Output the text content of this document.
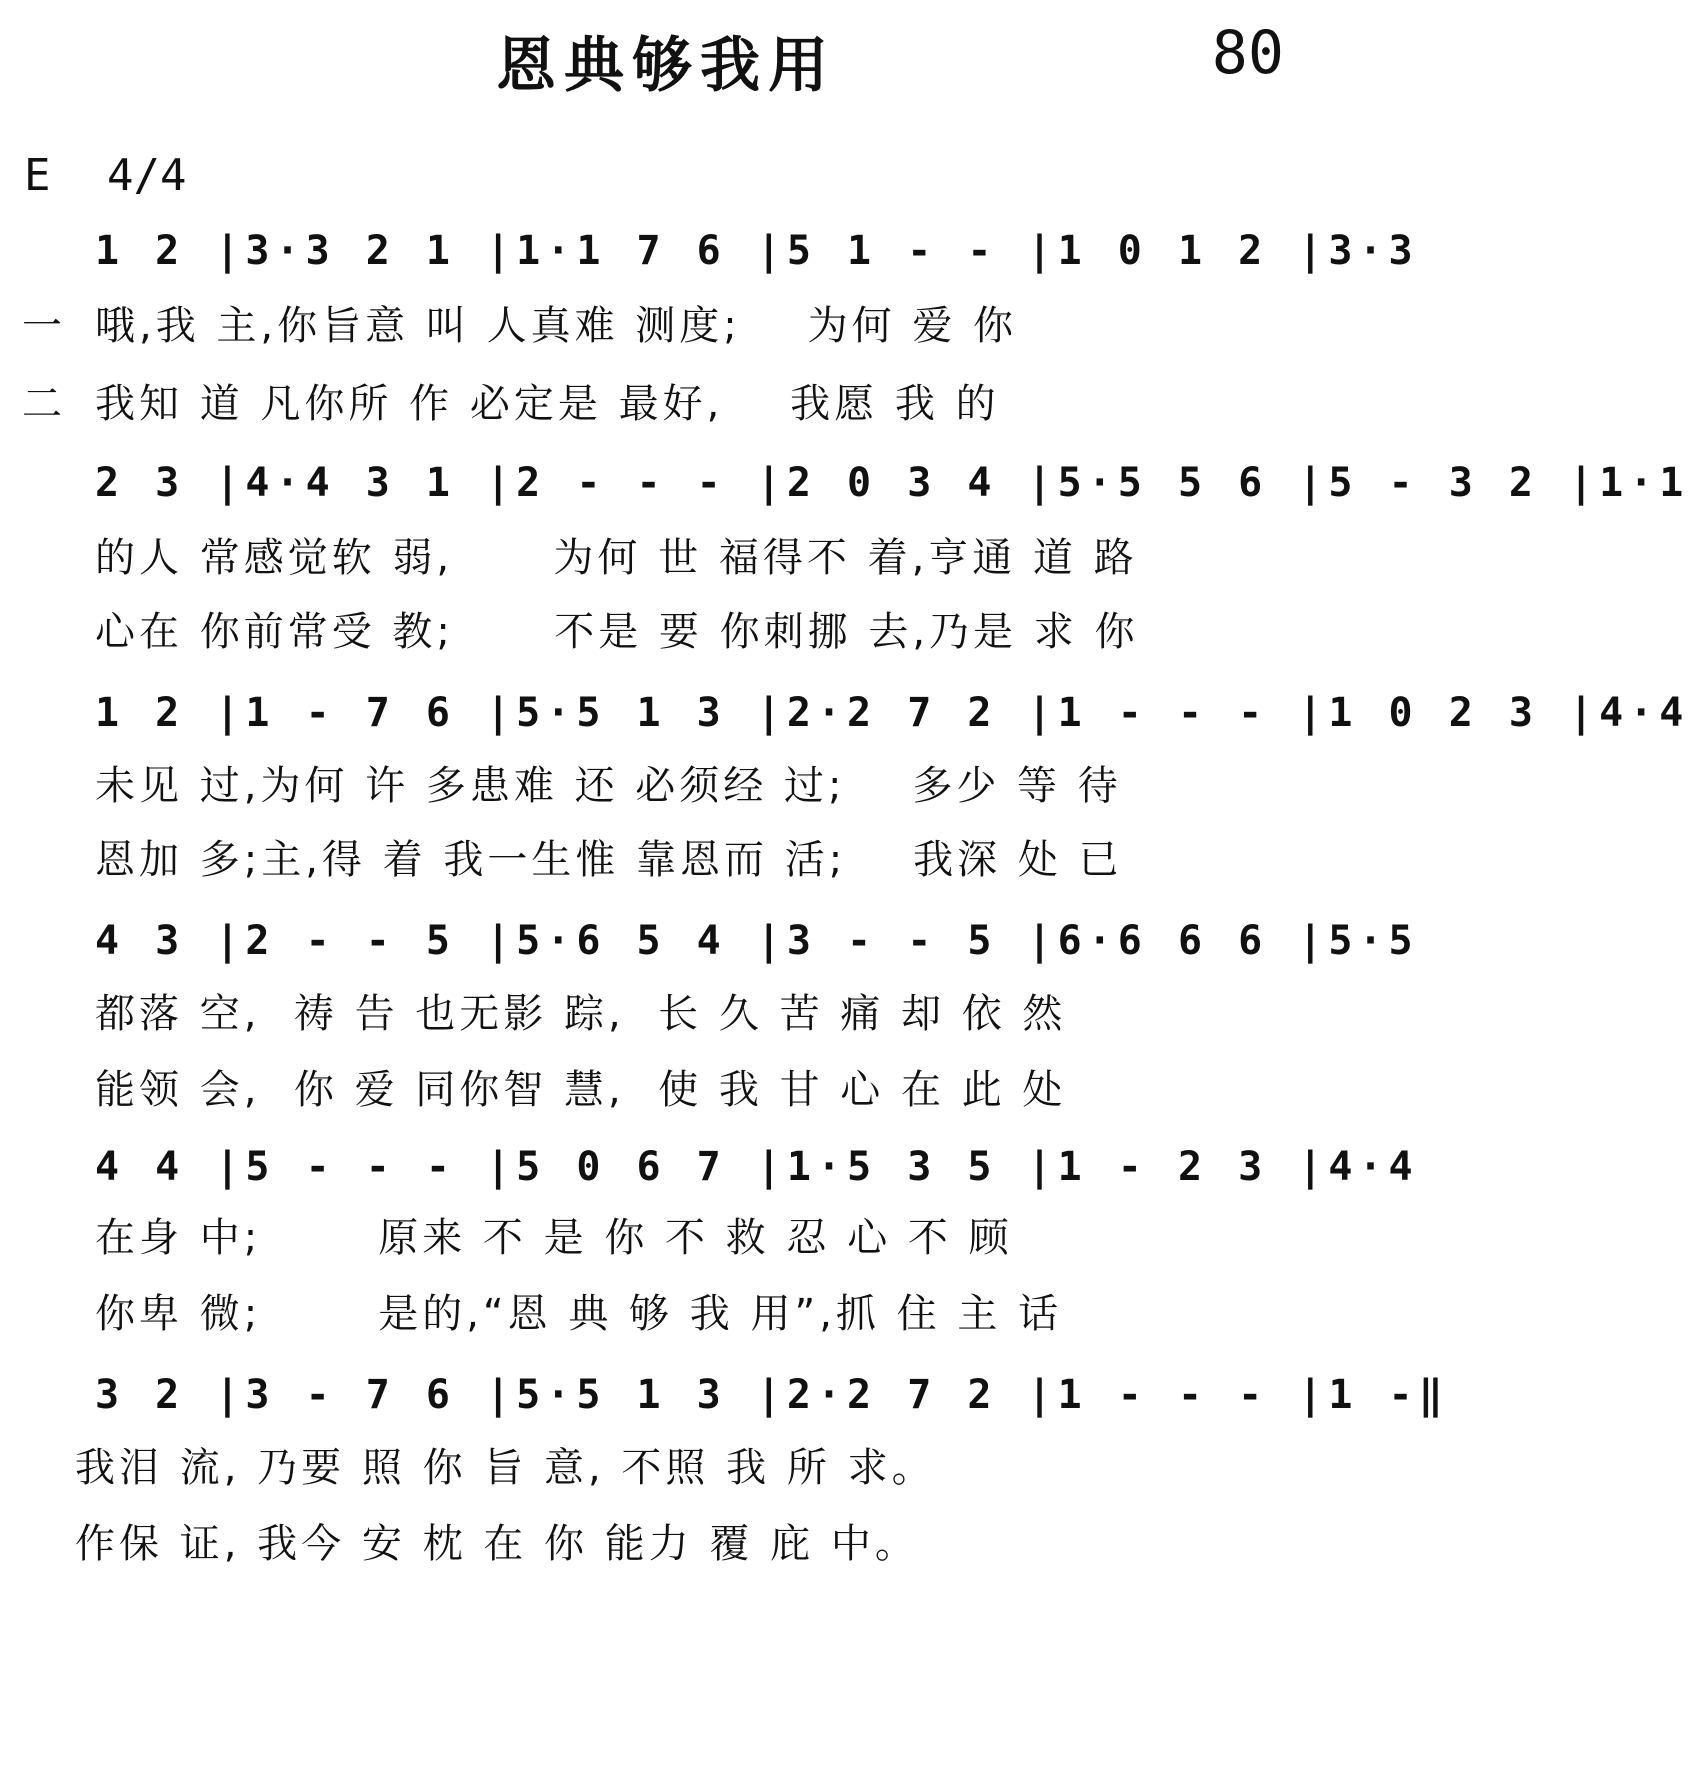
恩典够我用	80
E 4/4
1 2 |3·3 2 1 |1·1 7 6 |5 1 - - |1 0 1 2 |3·3
一 哦,我 主,你旨意 叫 人真难 测度;    为何 爱 你
二 我知 道 凡你所 作 必定是 最好,    我愿 我 的
2 3 |4·4 3 1 |2 - - - |2 0 3 4 |5·5 5 6 |5 - 3 2 |1·1
的人 常感觉软 弱,      为何 世 福得不 着,亨通 道 路
心在 你前常受 教;      不是 要 你刺挪 去,乃是 求 你
1 2 |1 - 7 6 |5·5 1 3 |2·2 7 2 |1 - - - |1 0 2 3 |4·4
未见 过,为何 许 多患难 还 必须经 过;    多少 等 待
恩加 多;主,得 着 我一生惟 靠恩而 活;    我深 处 已
4 3 |2 - - 5 |5·6 5 4 |3 - - 5 |6·6 6 6 |5·5
都落 空,  祷 告 也无影 踪,  长 久 苦 痛 却 依 然
能领 会,  你 爱 同你智 慧,  使 我 甘 心 在 此 处
4 4 |5 - - - |5 0 6 7 |1·5 3 5 |1 - 2 3 |4·4
在身 中;       原来 不 是 你 不 救 忍 心 不 顾
你卑 微;       是的,“恩 典 够 我 用”,抓 住 主 话
3 2 |3 - 7 6 |5·5 1 3 |2·2 7 2 |1 - - - |1 -‖
我泪 流, 乃要 照 你 旨 意, 不照 我 所 求。
作保 证, 我今 安 枕 在 你 能力 覆 庇 中。
